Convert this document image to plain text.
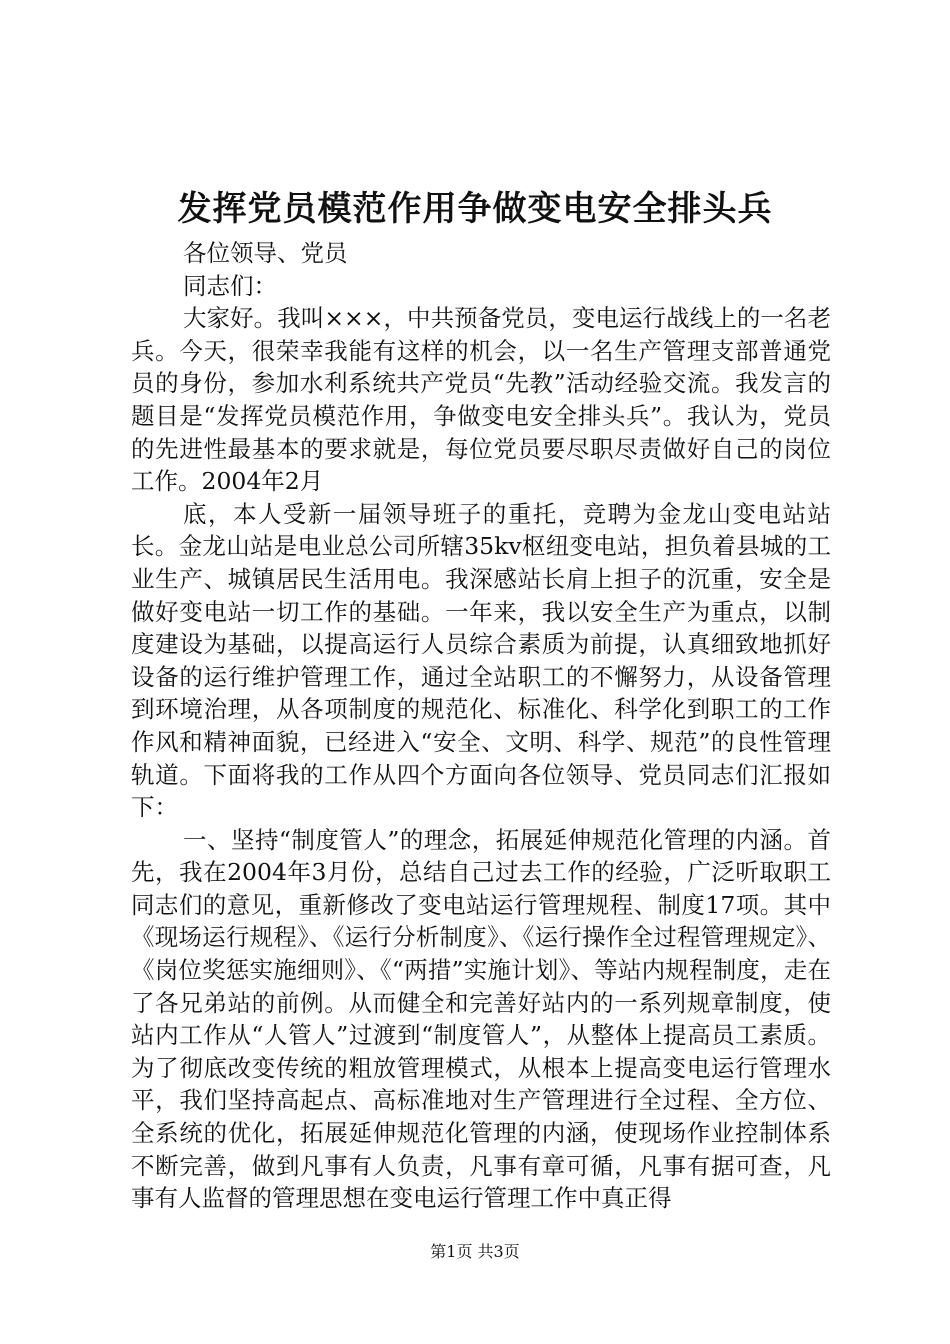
发挥党员模范作用争做变电安全排头兵

各位领导、党员

同志们：

大家好。我叫×××，中共预备党员，变电运行战线上的一名老兵。今天，很荣幸我能有这样的机会，以一名生产管理支部普通党员的身份，参加水利系统共产党员“先教”活动经验交流。我发言的题目是“发挥党员模范作用，争做变电安全排头兵”。我认为，党员的先进性最基本的要求就是，每位党员要尽职尽责做好自己的岗位工作。2004年2月

底，本人受新一届领导班子的重托，竞聘为金龙山变电站站长。金龙山站是电业总公司所辖35kv枢纽变电站，担负着县城的工业生产、城镇居民生活用电。我深感站长肩上担子的沉重，安全是做好变电站一切工作的基础。一年来，我以安全生产为重点，以制度建设为基础，以提高运行人员综合素质为前提，认真细致地抓好设备的运行维护管理工作，通过全站职工的不懈努力，从设备管理到环境治理，从各项制度的规范化、标准化、科学化到职工的工作作风和精神面貌，已经进入“安全、文明、科学、规范”的良性管理轨道。下面将我的工作从四个方面向各位领导、党员同志们汇报如下：

一、坚持“制度管人”的理念，拓展延伸规范化管理的内涵。首先，我在2004年3月份，总结自己过去工作的经验，广泛听取职工同志们的意见，重新修改了变电站运行管理规程、制度17项。其中《现场运行规程》、《运行分析制度》、《运行操作全过程管理规定》、《岗位奖惩实施细则》、《“两措”实施计划》、等站内规程制度，走在了各兄弟站的前例。从而健全和完善好站内的一系列规章制度，使站内工作从“人管人”过渡到“制度管人”，从整体上提高员工素质。为了彻底改变传统的粗放管理模式，从根本上提高变电运行管理水平，我们坚持高起点、高标准地对生产管理进行全过程、全方位、全系统的优化，拓展延伸规范化管理的内涵，使现场作业控制体系不断完善，做到凡事有人负责，凡事有章可循，凡事有据可查，凡事有人监督的管理思想在变电运行管理工作中真正得

第1页 共3页
